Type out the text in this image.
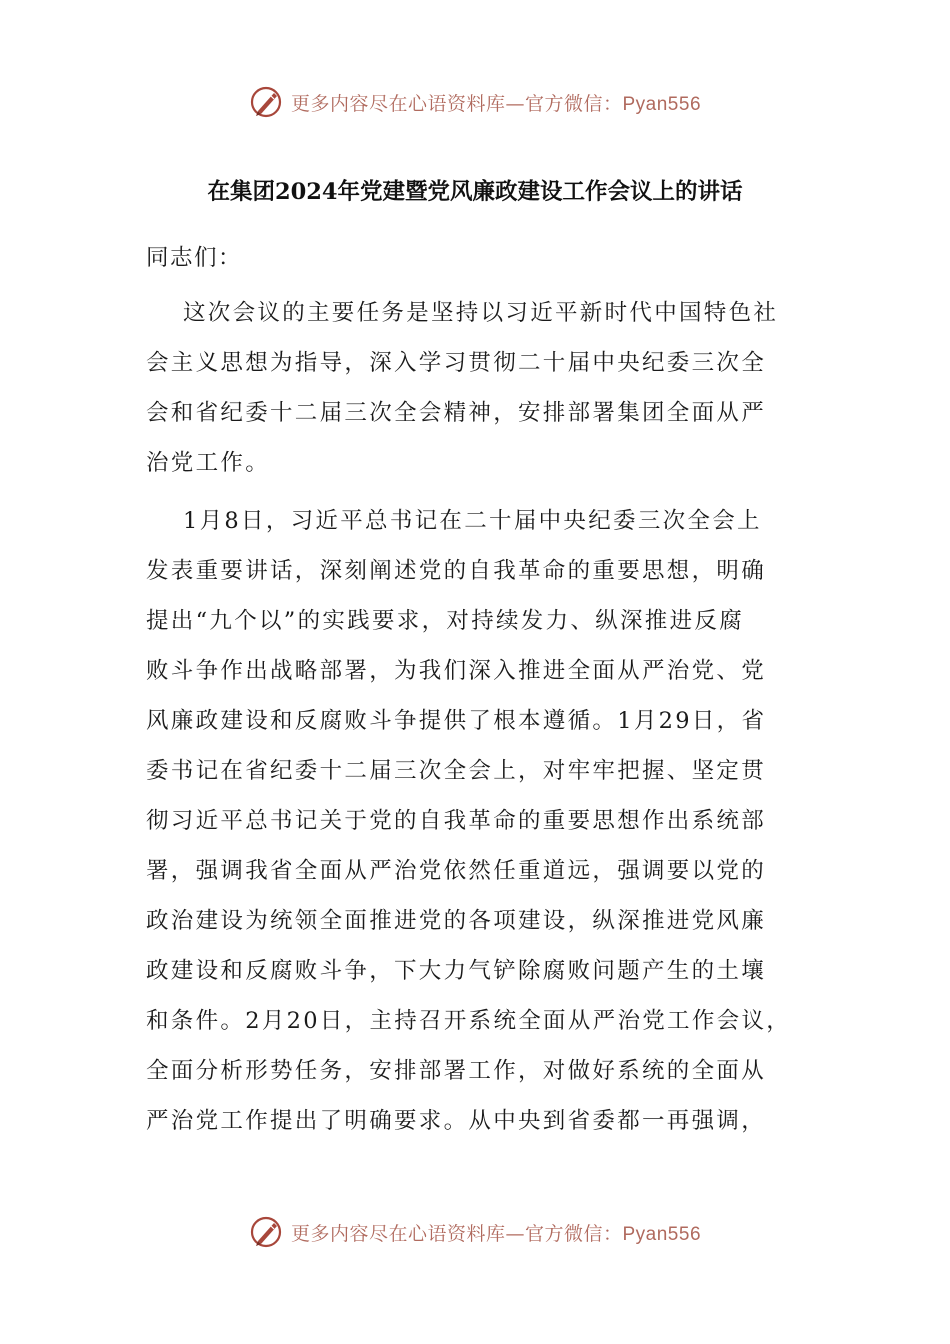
更多内容尽在心语资料库—官方微信：Pyan556
在集团2024年党建暨党风廉政建设工作会议上的讲话
同志们：
这次会议的主要任务是坚持以习近平新时代中国特色社
会主义思想为指导，深入学习贯彻二十届中央纪委三次全
会和省纪委十二届三次全会精神，安排部署集团全面从严
治党工作。
1月8日，习近平总书记在二十届中央纪委三次全会上
发表重要讲话，深刻阐述党的自我革命的重要思想，明确
提出“九个以”的实践要求，对持续发力、纵深推进反腐
败斗争作出战略部署，为我们深入推进全面从严治党、党
风廉政建设和反腐败斗争提供了根本遵循。1月29日，省
委书记在省纪委十二届三次全会上，对牢牢把握、坚定贯
彻习近平总书记关于党的自我革命的重要思想作出系统部
署，强调我省全面从严治党依然任重道远，强调要以党的
政治建设为统领全面推进党的各项建设，纵深推进党风廉
政建设和反腐败斗争，下大力气铲除腐败问题产生的土壤
和条件。2月20日，主持召开系统全面从严治党工作会议，
全面分析形势任务，安排部署工作，对做好系统的全面从
严治党工作提出了明确要求。从中央到省委都一再强调，
更多内容尽在心语资料库—官方微信：Pyan556
